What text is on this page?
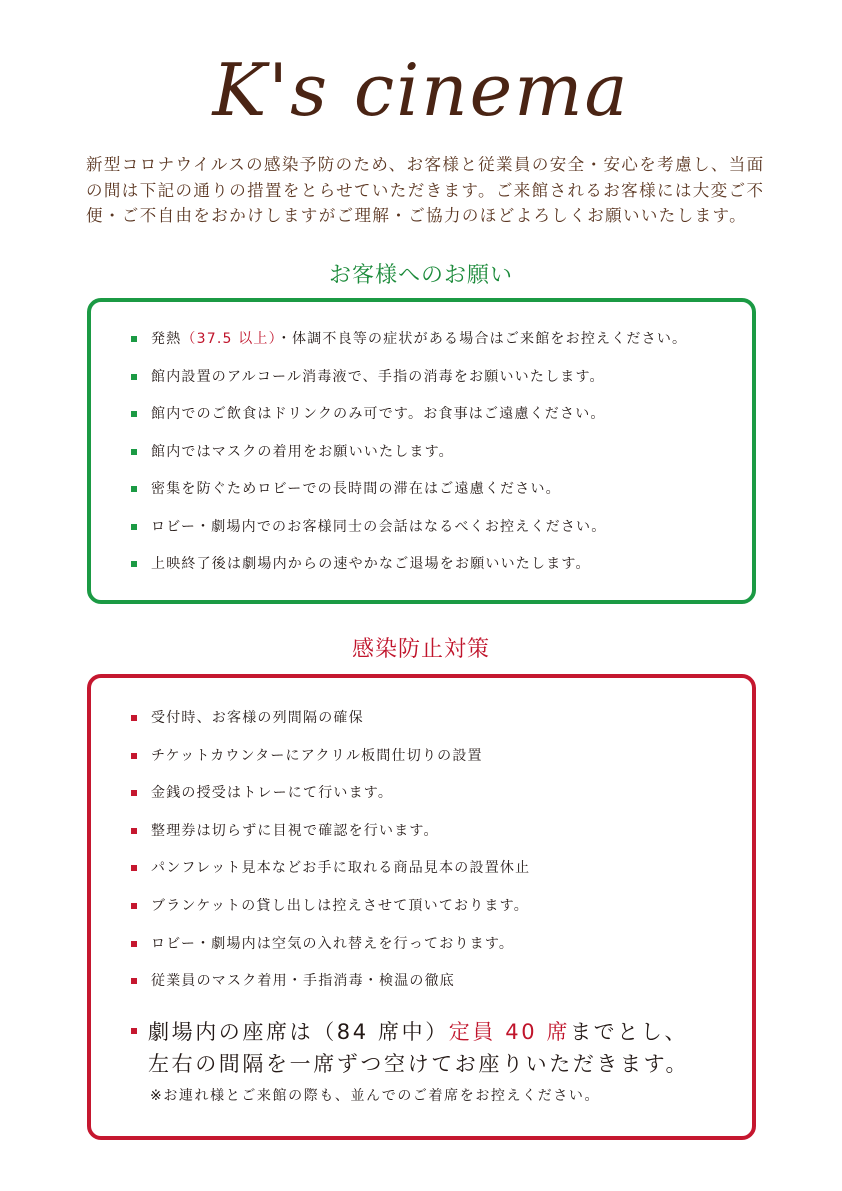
K's cinema

新型コロナウイルスの感染予防のため、お客様と従業員の安全・安心を考慮し、当面の間は下記の通りの措置をとらせていただきます。ご来館されるお客様には大変ご不便・ご不自由をおかけしますがご理解・ご協力のほどよろしくお願いいたします。

お客様へのお願い
発熱（37.5 以上）・体調不良等の症状がある場合はご来館をお控えください。
館内設置のアルコール消毒液で、手指の消毒をお願いいたします。
館内でのご飲食はドリンクのみ可です。お食事はご遠慮ください。
館内ではマスクの着用をお願いいたします。
密集を防ぐためロビーでの長時間の滞在はご遠慮ください。
ロビー・劇場内でのお客様同士の会話はなるべくお控えください。
上映終了後は劇場内からの速やかなご退場をお願いいたします。
感染防止対策
受付時、お客様の列間隔の確保
チケットカウンターにアクリル板間仕切りの設置
金銭の授受はトレーにて行います。
整理券は切らずに目視で確認を行います。
パンフレット見本などお手に取れる商品見本の設置休止
ブランケットの貸し出しは控えさせて頂いております。
ロビー・劇場内は空気の入れ替えを行っております。
従業員のマスク着用・手指消毒・検温の徹底
劇場内の座席は（84 席中）定員 40 席までとし、
左右の間隔を一席ずつ空けてお座りいただきます。
※お連れ様とご来館の際も、並んでのご着席をお控えください。
